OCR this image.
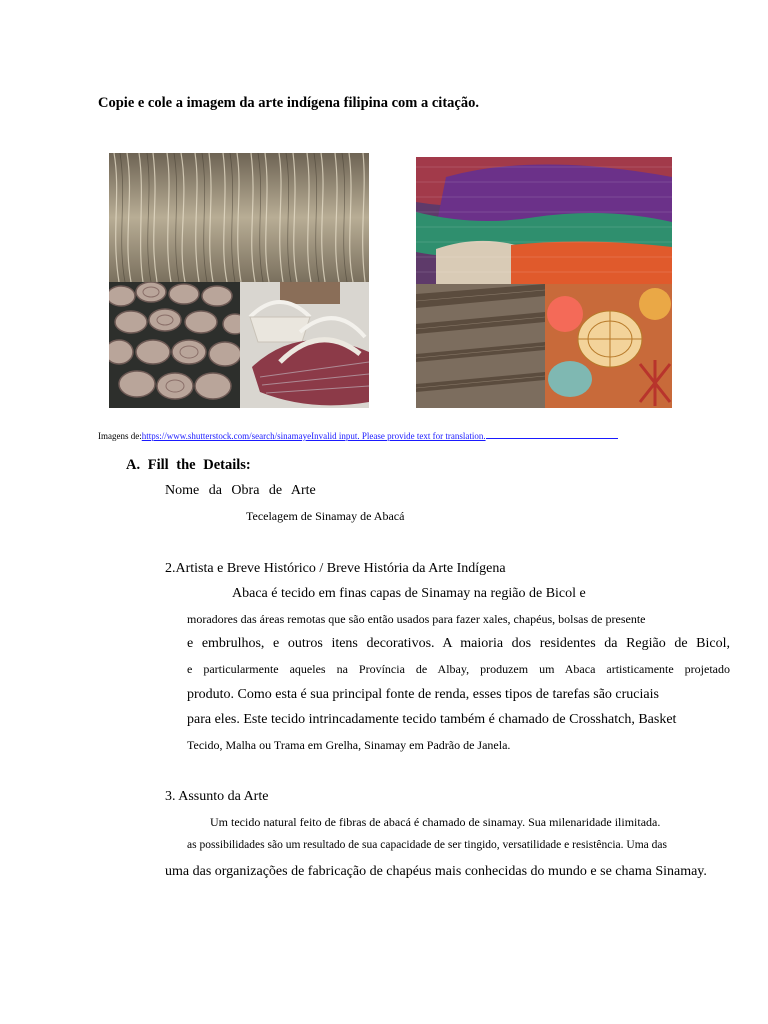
Copie e cole a imagem da arte indígena filipina com a citação.
Imagens de:https://www.shutterstock.com/search/sinamayeInvalid input. Please provide text for translation.
A. Fill the Details:
Nome da Obra de Arte
Tecelagem de Sinamay de Abacá
2.Artista e Breve Histórico / Breve História da Arte Indígena
Abaca é tecido em finas capas de Sinamay na região de Bicol e
moradores das áreas remotas que são então usados para fazer xales, chapéus, bolsas de presente
e embrulhos, e outros itens decorativos. A maioria dos residentes da Região de Bicol,
e particularmente aqueles na Província de Albay, produzem um Abaca artisticamente projetado
produto. Como esta é sua principal fonte de renda, esses tipos de tarefas são cruciais
para eles. Este tecido intrincadamente tecido também é chamado de Crosshatch, Basket
Tecido, Malha ou Trama em Grelha, Sinamay em Padrão de Janela.
3. Assunto da Arte
Um tecido natural feito de fibras de abacá é chamado de sinamay. Sua milenaridade ilimitada.
as possibilidades são um resultado de sua capacidade de ser tingido, versatilidade e resistência. Uma das
uma das organizações de fabricação de chapéus mais conhecidas do mundo e se chama Sinamay.
